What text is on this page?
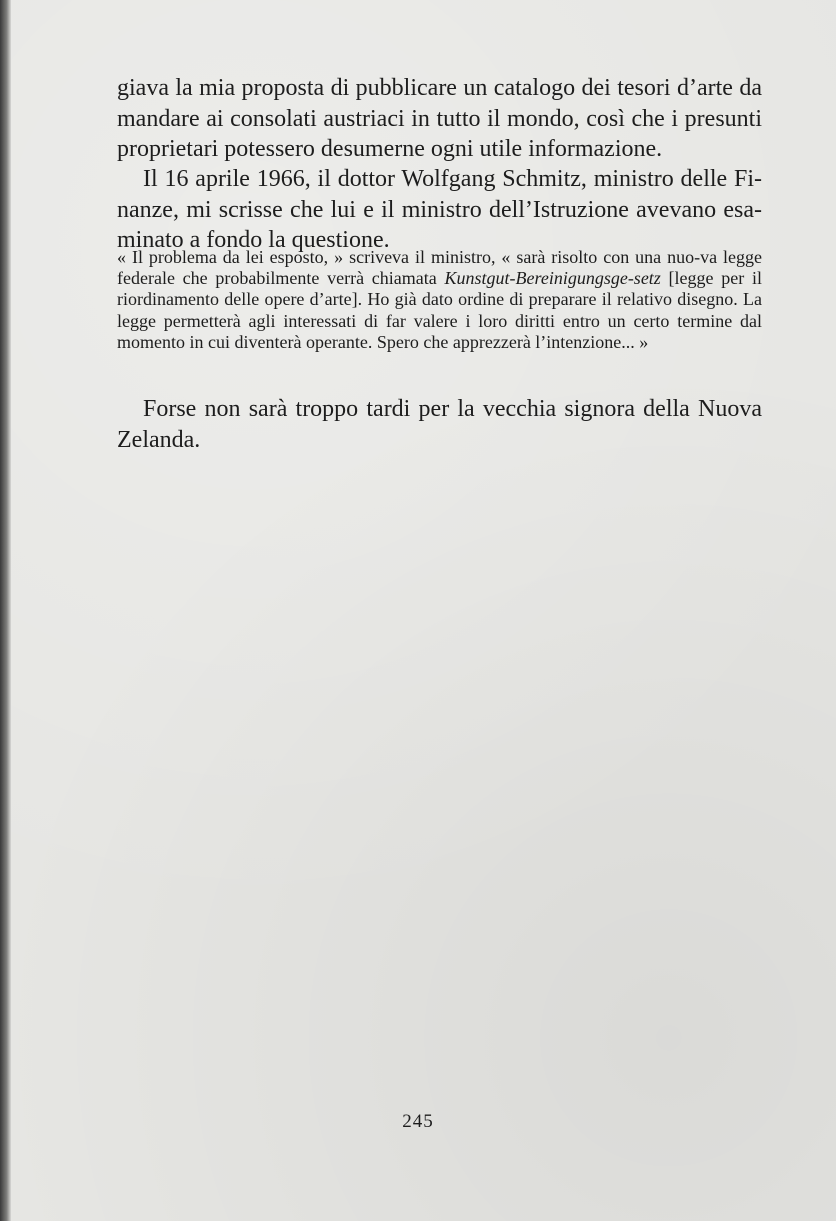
giava la mia proposta di pubblicare un catalogo dei tesori d’arte da mandare ai consolati austriaci in tutto il mondo, così che i presunti proprietari potessero desumerne ogni utile informazione.

Il 16 aprile 1966, il dottor Wolfgang Schmitz, ministro delle Fi-nanze, mi scrisse che lui e il ministro dell’Istruzione avevano esa-minato a fondo la questione.

« Il problema da lei esposto, » scriveva il ministro, « sarà risolto con una nuo-va legge federale che probabilmente verrà chiamata Kunstgut-Bereinigungsge-setz [legge per il riordinamento delle opere d’arte]. Ho già dato ordine di preparare il relativo disegno. La legge permetterà agli interessati di far valere i loro diritti entro un certo termine dal momento in cui diventerà operante. Spero che apprezzerà l’intenzione... »

Forse non sarà troppo tardi per la vecchia signora della Nuova Zelanda.

245
